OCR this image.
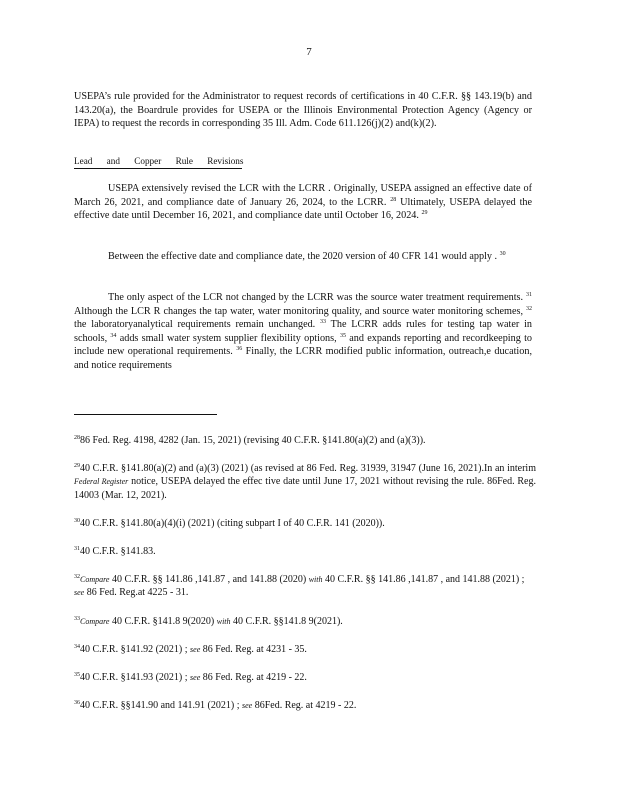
7
USEPA’s rule provided for the Administrator to request records of certifications in 40 C.F.R. §§ 143.19(b) and 143.20(a), the Boardrule provides for USEPA or the Illinois Environmental Protection Agency (Agency or IEPA) to request the records in corresponding 35 Ill. Adm. Code 611.126(j)(2) and(k)(2).
Lead and Copper Rule Revisions
USEPA extensively revised the LCR with the LCRR . Originally, USEPA assigned an effective date of March 26, 2021, and compliance date of January 26, 2024, to the LCRR. $^{28}$ Ultimately, USEPA delayed the effective date until December 16, 2021, and compliance date until October 16, 2024. $^{29}$
Between the effective date and compliance date, the 2020 version of 40 CFR 141 would apply . $^{30}$
The only aspect of the LCR not changed by the LCRR was the source water treatment requirements. $^{31}$ Although the LCR R changes the tap water, water monitoring quality, and source water monitoring schemes, $^{32}$ the laboratoryanalytical requirements remain unchanged. $^{33}$ The LCRR adds rules for testing tap water in schools, $^{34}$ adds small water system supplier flexibility options, $^{35}$ and expands reporting and recordkeeping to include new operational requirements. $^{36}$ Finally, the LCRR modified public information, outreach,e ducation, and notice requirements
$^{28}$86 Fed. Reg. 4198, 4282 (Jan. 15, 2021) (revising 40 C.F.R. §141.80(a)(2) and (a)(3)).
$^{29}$40 C.F.R. §141.80(a)(2) and (a)(3) (2021) (as revised at 86 Fed. Reg. 31939, 31947 (June 16, 2021).In an interim Federal Register notice, USEPA delayed the effec tive date until June 17, 2021 without revising the rule. 86Fed. Reg. 14003 (Mar. 12, 2021).
$^{30}$40 C.F.R. §141.80(a)(4)(i) (2021) (citing subpart I of 40 C.F.R. 141 (2020)).
$^{31}$40 C.F.R. §141.83.
$^{32}$Compare 40 C.F.R. §§ 141.86 ,141.87 , and 141.88 (2020) with 40 C.F.R. §§ 141.86 ,141.87 , and 141.88 (2021) ; see 86 Fed. Reg.at 4225 - 31.
$^{33}$Compare 40 C.F.R. §141.8 9(2020) with 40 C.F.R. §§141.8 9(2021).
$^{34}$40 C.F.R. §141.92 (2021) ; see 86 Fed. Reg. at 4231 - 35.
$^{35}$40 C.F.R. §141.93 (2021) ; see 86 Fed. Reg. at 4219 - 22.
$^{36}$40 C.F.R. §§141.90 and 141.91 (2021) ; see 86Fed. Reg. at 4219 - 22.
